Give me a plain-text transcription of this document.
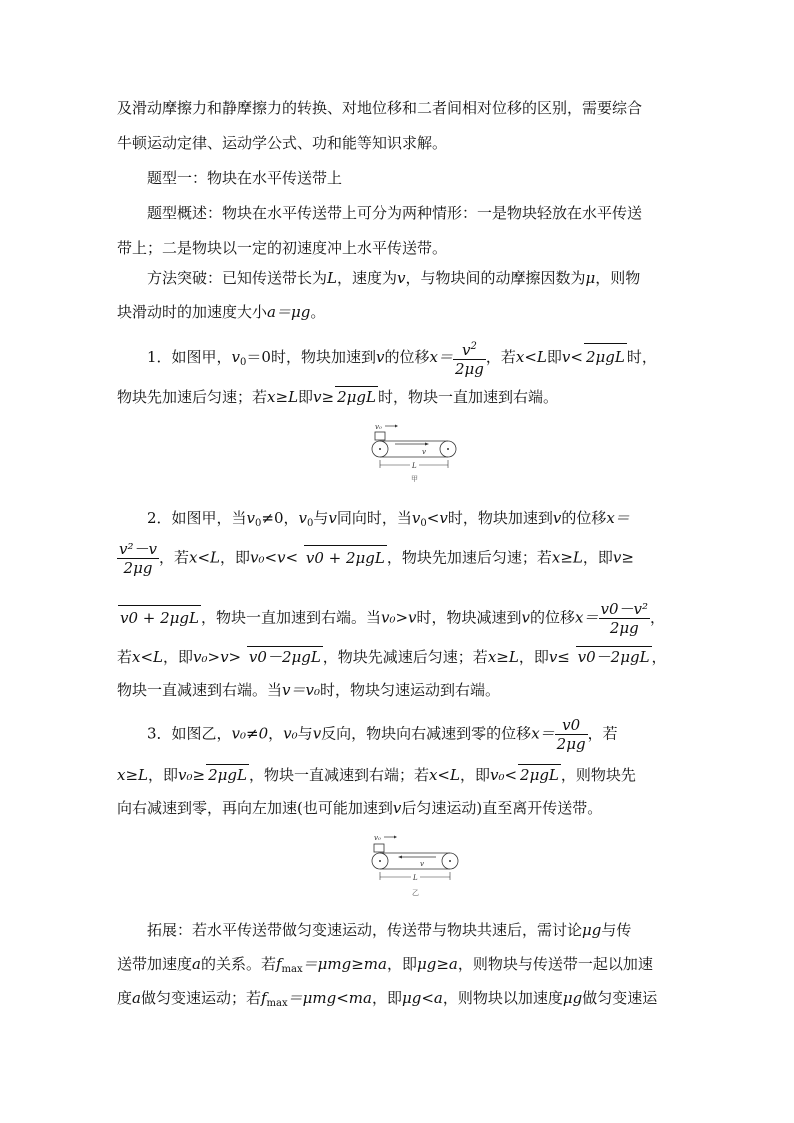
及滑动摩擦力和静摩擦力的转换、对地位移和二者间相对位移的区别，需要综合
牛顿运动定律、运动学公式、功和能等知识求解。
题型一：物块在水平传送带上
题型概述：物块在水平传送带上可分为两种情形：一是物块轻放在水平传送
带上；二是物块以一定的初速度冲上水平传送带。
方法突破：已知传送带长为L，速度为v，与物块间的动摩擦因数为μ，则物
块滑动时的加速度大小a＝μg。
1．如图甲，$v_0=0$时，物块加速到v的位移$x= \frac{v^2}{2\mu g}$ ，若x<L即v< 2μgL 时，
物块先加速后匀速；若x≥L即v≥ 2μgL 时，物块一直加速到右端。
v₀
v
L
甲
2．如图甲，当$v_0\ne 0$，$v_0$与v同向时，当$v_0<v$时，物块加速到v的位移x＝
$\frac{\text{v²－v}}{2\mu g}$ ，若x<L，即v₀<v< v0 + 2μgL ，物块先加速后匀速；若x≥L，即v≥
v0 + 2μgL ，物块一直加速到右端。当v₀>v时，物块减速到v的位移$x= \frac{\text{v0－v²}}{2\mu g}$ ，
若x<L，即v₀>v> v0－2μgL ，物块先减速后匀速；若x≥L，即v≤ v0－2μgL ，
物块一直减速到右端。当v＝v₀时，物块匀速运动到右端。
3．如图乙，v₀≠0，v₀与v反向，物块向右减速到零的位移$x= \frac{v0}{2\mu g}$ ，若
x≥L，即v₀≥ 2μgL ，物块一直减速到右端；若x<L，即v₀< 2μgL ，则物块先
向右减速到零，再向左加速(也可能加速到v后匀速运动)直至离开传送带。
v₀
v
L
乙
拓展：若水平传送带做匀变速运动，传送带与物块共速后，需讨论μg与传
送带加速度a的关系。若$f_{max}=\mu mg\ge ma$，即μg≥a，则物块与传送带一起以加速
度a做匀变速运动；若$f_{max}=\mu mg<ma$，即μg<a，则物块以加速度μg做匀变速运
